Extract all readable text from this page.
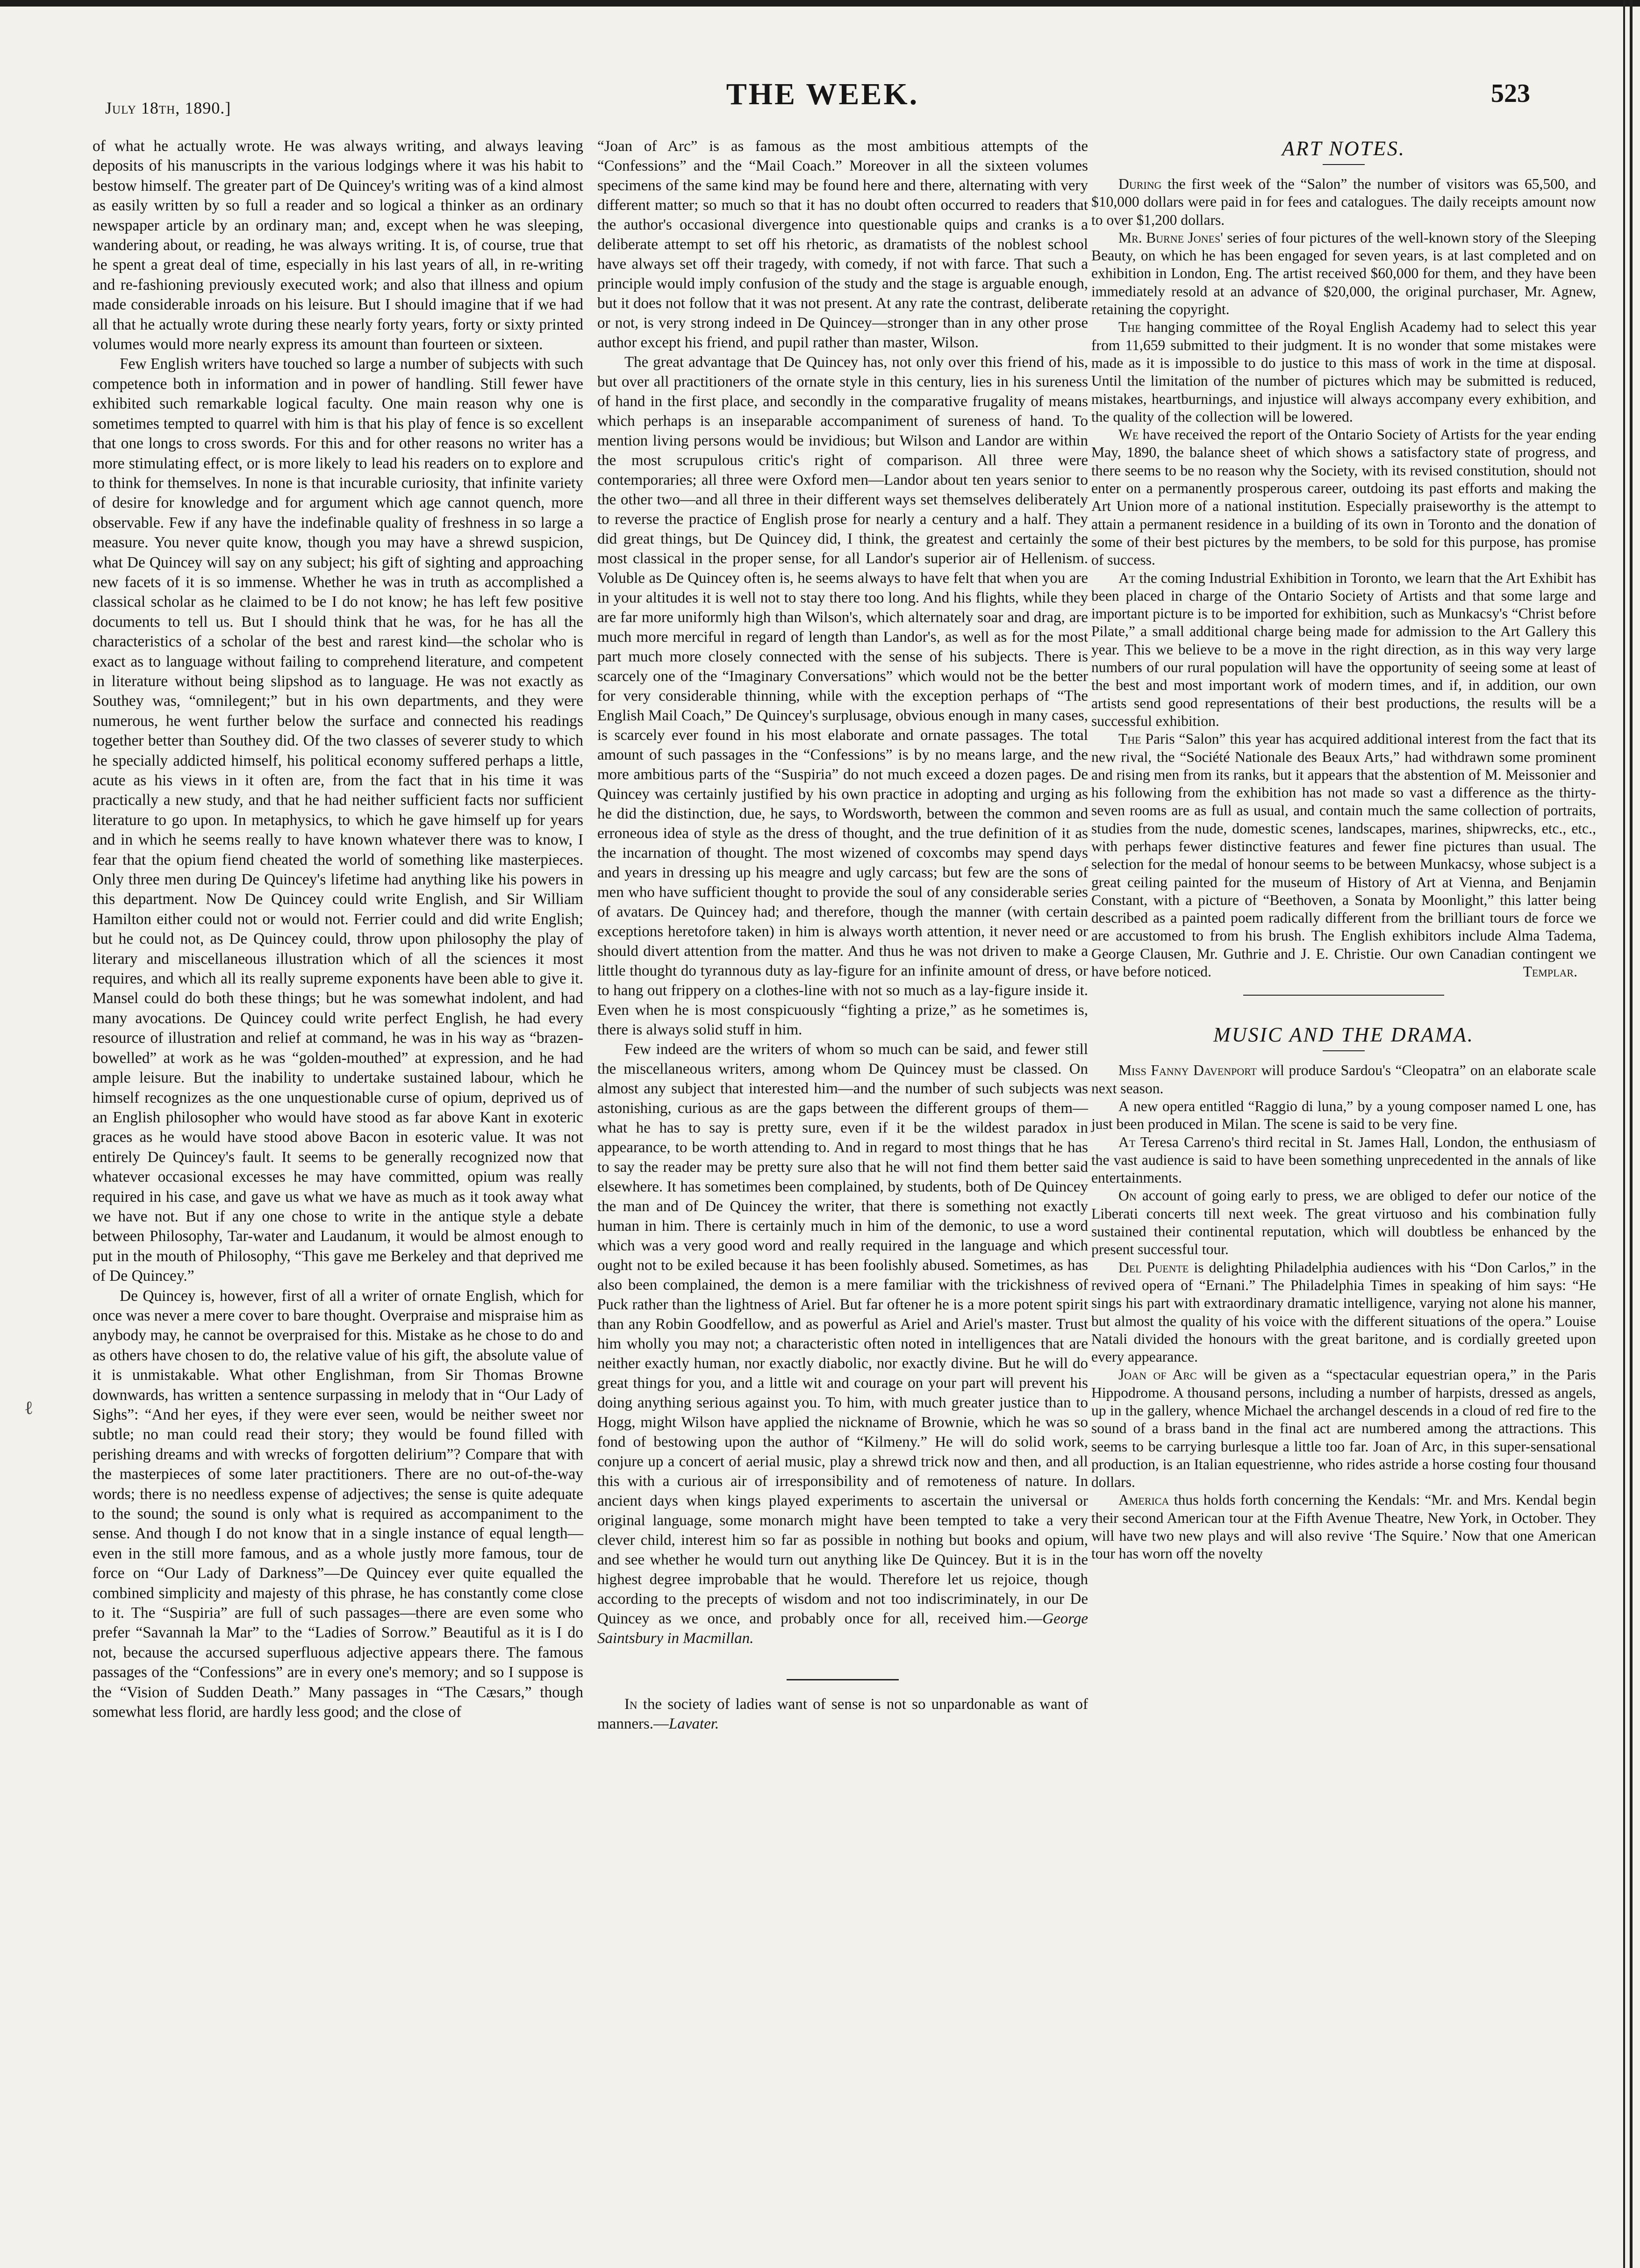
ℓ
July 18th, 1890.]	THE WEEK.	523

of what he actually wrote. He was always writing, and always leaving deposits of his manuscripts in the various lodgings where it was his habit to bestow himself. The greater part of De Quincey's writing was of a kind almost as easily written by so full a reader and so logical a thinker as an ordinary newspaper article by an ordinary man; and, except when he was sleeping, wandering about, or reading, he was always writing. It is, of course, true that he spent a great deal of time, especially in his last years of all, in re-writing and re-fashioning previously executed work; and also that illness and opium made considerable inroads on his leisure. But I should imagine that if we had all that he actually wrote during these nearly forty years, forty or sixty printed volumes would more nearly express its amount than fourteen or sixteen.

Few English writers have touched so large a number of subjects with such competence both in information and in power of handling. Still fewer have exhibited such remarkable logical faculty. One main reason why one is sometimes tempted to quarrel with him is that his play of fence is so excellent that one longs to cross swords. For this and for other reasons no writer has a more stimulating effect, or is more likely to lead his readers on to explore and to think for themselves. In none is that incurable curiosity, that infinite variety of desire for knowledge and for argument which age cannot quench, more observable. Few if any have the indefinable quality of freshness in so large a measure. You never quite know, though you may have a shrewd suspicion, what De Quincey will say on any subject; his gift of sighting and approaching new facets of it is so immense. Whether he was in truth as accomplished a classical scholar as he claimed to be I do not know; he has left few positive documents to tell us. But I should think that he was, for he has all the characteristics of a scholar of the best and rarest kind—the scholar who is exact as to language without failing to comprehend literature, and competent in literature without being slipshod as to language. He was not exactly as Southey was, “omnilegent;” but in his own departments, and they were numerous, he went further below the surface and connected his readings together better than Southey did. Of the two classes of severer study to which he specially addicted himself, his political economy suffered perhaps a little, acute as his views in it often are, from the fact that in his time it was practically a new study, and that he had neither sufficient facts nor sufficient literature to go upon. In metaphysics, to which he gave himself up for years and in which he seems really to have known whatever there was to know, I fear that the opium fiend cheated the world of something like masterpieces. Only three men during De Quincey's lifetime had anything like his powers in this department. Now De Quincey could write English, and Sir William Hamilton either could not or would not. Ferrier could and did write English; but he could not, as De Quincey could, throw upon philosophy the play of literary and miscellaneous illustration which of all the sciences it most requires, and which all its really supreme exponents have been able to give it. Mansel could do both these things; but he was somewhat indolent, and had many avocations. De Quincey could write perfect English, he had every resource of illustration and relief at command, he was in his way as “brazen-bowelled” at work as he was “golden-mouthed” at expression, and he had ample leisure. But the inability to undertake sustained labour, which he himself recognizes as the one unquestionable curse of opium, deprived us of an English philosopher who would have stood as far above Kant in exoteric graces as he would have stood above Bacon in esoteric value. It was not entirely De Quincey's fault. It seems to be generally recognized now that whatever occasional excesses he may have committed, opium was really required in his case, and gave us what we have as much as it took away what we have not. But if any one chose to write in the antique style a debate between Philosophy, Tar-water and Laudanum, it would be almost enough to put in the mouth of Philosophy, “This gave me Berkeley and that deprived me of De Quincey.”

De Quincey is, however, first of all a writer of ornate English, which for once was never a mere cover to bare thought. Overpraise and mispraise him as anybody may, he cannot be overpraised for this. Mistake as he chose to do and as others have chosen to do, the relative value of his gift, the absolute value of it is unmistakable. What other Englishman, from Sir Thomas Browne downwards, has written a sentence surpassing in melody that in “Our Lady of Sighs”: “And her eyes, if they were ever seen, would be neither sweet nor subtle; no man could read their story; they would be found filled with perishing dreams and with wrecks of forgotten delirium”? Compare that with the masterpieces of some later practitioners. There are no out-of-the-way words; there is no needless expense of adjectives; the sense is quite adequate to the sound; the sound is only what is required as accompaniment to the sense. And though I do not know that in a single instance of equal length—even in the still more famous, and as a whole justly more famous, tour de force on “Our Lady of Darkness”—De Quincey ever quite equalled the combined simplicity and majesty of this phrase, he has constantly come close to it. The “Suspiria” are full of such passages—there are even some who prefer “Savannah la Mar” to the “Ladies of Sorrow.” Beautiful as it is I do not, because the accursed superfluous adjective appears there. The famous passages of the “Confessions” are in every one's memory; and so I suppose is the “Vision of Sudden Death.” Many passages in “The Cæsars,” though somewhat less florid, are hardly less good; and the close of

“Joan of Arc” is as famous as the most ambitious attempts of the “Confessions” and the “Mail Coach.” Moreover in all the sixteen volumes specimens of the same kind may be found here and there, alternating with very different matter; so much so that it has no doubt often occurred to readers that the author's occasional divergence into questionable quips and cranks is a deliberate attempt to set off his rhetoric, as dramatists of the noblest school have always set off their tragedy, with comedy, if not with farce. That such a principle would imply confusion of the study and the stage is arguable enough, but it does not follow that it was not present. At any rate the contrast, deliberate or not, is very strong indeed in De Quincey—stronger than in any other prose author except his friend, and pupil rather than master, Wilson.

The great advantage that De Quincey has, not only over this friend of his, but over all practitioners of the ornate style in this century, lies in his sureness of hand in the first place, and secondly in the comparative frugality of means which perhaps is an inseparable accompaniment of sureness of hand. To mention living persons would be invidious; but Wilson and Landor are within the most scrupulous critic's right of comparison. All three were contemporaries; all three were Oxford men—Landor about ten years senior to the other two—and all three in their different ways set themselves deliberately to reverse the practice of English prose for nearly a century and a half. They did great things, but De Quincey did, I think, the greatest and certainly the most classical in the proper sense, for all Landor's superior air of Hellenism. Voluble as De Quincey often is, he seems always to have felt that when you are in your altitudes it is well not to stay there too long. And his flights, while they are far more uniformly high than Wilson's, which alternately soar and drag, are much more merciful in regard of length than Landor's, as well as for the most part much more closely connected with the sense of his subjects. There is scarcely one of the “Imaginary Conversations” which would not be the better for very considerable thinning, while with the exception perhaps of “The English Mail Coach,” De Quincey's surplusage, obvious enough in many cases, is scarcely ever found in his most elaborate and ornate passages. The total amount of such passages in the “Confessions” is by no means large, and the more ambitious parts of the “Suspiria” do not much exceed a dozen pages. De Quincey was certainly justified by his own practice in adopting and urging as he did the distinction, due, he says, to Wordsworth, between the common and erroneous idea of style as the dress of thought, and the true definition of it as the incarnation of thought. The most wizened of coxcombs may spend days and years in dressing up his meagre and ugly carcass; but few are the sons of men who have sufficient thought to provide the soul of any considerable series of avatars. De Quincey had; and therefore, though the manner (with certain exceptions heretofore taken) in him is always worth attention, it never need or should divert attention from the matter. And thus he was not driven to make a little thought do tyrannous duty as lay-figure for an infinite amount of dress, or to hang out frippery on a clothes-line with not so much as a lay-figure inside it. Even when he is most conspicuously “fighting a prize,” as he sometimes is, there is always solid stuff in him.

Few indeed are the writers of whom so much can be said, and fewer still the miscellaneous writers, among whom De Quincey must be classed. On almost any subject that interested him—and the number of such subjects was astonishing, curious as are the gaps between the different groups of them—what he has to say is pretty sure, even if it be the wildest paradox in appearance, to be worth attending to. And in regard to most things that he has to say the reader may be pretty sure also that he will not find them better said elsewhere. It has sometimes been complained, by students, both of De Quincey the man and of De Quincey the writer, that there is something not exactly human in him. There is certainly much in him of the demonic, to use a word which was a very good word and really required in the language and which ought not to be exiled because it has been foolishly abused. Sometimes, as has also been complained, the demon is a mere familiar with the trickishness of Puck rather than the lightness of Ariel. But far oftener he is a more potent spirit than any Robin Goodfellow, and as powerful as Ariel and Ariel's master. Trust him wholly you may not; a characteristic often noted in intelligences that are neither exactly human, nor exactly diabolic, nor exactly divine. But he will do great things for you, and a little wit and courage on your part will prevent his doing anything serious against you. To him, with much greater justice than to Hogg, might Wilson have applied the nickname of Brownie, which he was so fond of bestowing upon the author of “Kilmeny.” He will do solid work, conjure up a concert of aerial music, play a shrewd trick now and then, and all this with a curious air of irresponsibility and of remoteness of nature. In ancient days when kings played experiments to ascertain the universal or original language, some monarch might have been tempted to take a very clever child, interest him so far as possible in nothing but books and opium, and see whether he would turn out anything like De Quincey. But it is in the highest degree improbable that he would. Therefore let us rejoice, though according to the precepts of wisdom and not too indiscriminately, in our De Quincey as we once, and probably once for all, received him.—George Saintsbury in Macmillan.

In the society of ladies want of sense is not so unpardonable as want of manners.—Lavater.

ART NOTES.

During the first week of the “Salon” the number of visitors was 65,500, and $10,000 dollars were paid in for fees and catalogues. The daily receipts amount now to over $1,200 dollars.

Mr. Burne Jones' series of four pictures of the well-known story of the Sleeping Beauty, on which he has been engaged for seven years, is at last completed and on exhibition in London, Eng. The artist received $60,000 for them, and they have been immediately resold at an advance of $20,000, the original purchaser, Mr. Agnew, retaining the copyright.

The hanging committee of the Royal English Academy had to select this year from 11,659 submitted to their judgment. It is no wonder that some mistakes were made as it is impossible to do justice to this mass of work in the time at disposal. Until the limitation of the number of pictures which may be submitted is reduced, mistakes, heartburnings, and injustice will always accompany every exhibition, and the quality of the collection will be lowered.

We have received the report of the Ontario Society of Artists for the year ending May, 1890, the balance sheet of which shows a satisfactory state of progress, and there seems to be no reason why the Society, with its revised constitution, should not enter on a permanently prosperous career, outdoing its past efforts and making the Art Union more of a national institution. Especially praiseworthy is the attempt to attain a permanent residence in a building of its own in Toronto and the donation of some of their best pictures by the members, to be sold for this purpose, has promise of success.

At the coming Industrial Exhibition in Toronto, we learn that the Art Exhibit has been placed in charge of the Ontario Society of Artists and that some large and important picture is to be imported for exhibition, such as Munkacsy's “Christ before Pilate,” a small additional charge being made for admission to the Art Gallery this year. This we believe to be a move in the right direction, as in this way very large numbers of our rural population will have the opportunity of seeing some at least of the best and most important work of modern times, and if, in addition, our own artists send good representations of their best productions, the results will be a successful exhibition.

The Paris “Salon” this year has acquired additional interest from the fact that its new rival, the “Société Nationale des Beaux Arts,” had withdrawn some prominent and rising men from its ranks, but it appears that the abstention of M. Meissonier and his following from the exhibition has not made so vast a difference as the thirty-seven rooms are as full as usual, and contain much the same collection of portraits, studies from the nude, domestic scenes, landscapes, marines, shipwrecks, etc., etc., with perhaps fewer distinctive features and fewer fine pictures than usual. The selection for the medal of honour seems to be between Munkacsy, whose subject is a great ceiling painted for the museum of History of Art at Vienna, and Benjamin Constant, with a picture of “Beethoven, a Sonata by Moonlight,” this latter being described as a painted poem radically different from the brilliant tours de force we are accustomed to from his brush. The English exhibitors include Alma Tadema, George Clausen, Mr. Guthrie and J. E. Christie. Our own Canadian contingent we have before noticed.	Templar.

MUSIC AND THE DRAMA.

Miss Fanny Davenport will produce Sardou's “Cleopatra” on an elaborate scale next season.

A new opera entitled “Raggio di luna,” by a young composer named L one, has just been produced in Milan. The scene is said to be very fine.

At Teresa Carreno's third recital in St. James Hall, London, the enthusiasm of the vast audience is said to have been something unprecedented in the annals of like entertainments.

On account of going early to press, we are obliged to defer our notice of the Liberati concerts till next week. The great virtuoso and his combination fully sustained their continental reputation, which will doubtless be enhanced by the present successful tour.

Del Puente is delighting Philadelphia audiences with his “Don Carlos,” in the revived opera of “Ernani.” The Philadelphia Times in speaking of him says: “He sings his part with extraordinary dramatic intelligence, varying not alone his manner, but almost the quality of his voice with the different situations of the opera.” Louise Natali divided the honours with the great baritone, and is cordially greeted upon every appearance.

Joan of Arc will be given as a “spectacular equestrian opera,” in the Paris Hippodrome. A thousand persons, including a number of harpists, dressed as angels, up in the gallery, whence Michael the archangel descends in a cloud of red fire to the sound of a brass band in the final act are numbered among the attractions. This seems to be carrying burlesque a little too far. Joan of Arc, in this super-sensational production, is an Italian equestrienne, who rides astride a horse costing four thousand dollars.

America thus holds forth concerning the Kendals: “Mr. and Mrs. Kendal begin their second American tour at the Fifth Avenue Theatre, New York, in October. They will have two new plays and will also revive ‘The Squire.’ Now that one American tour has worn off the novelty
